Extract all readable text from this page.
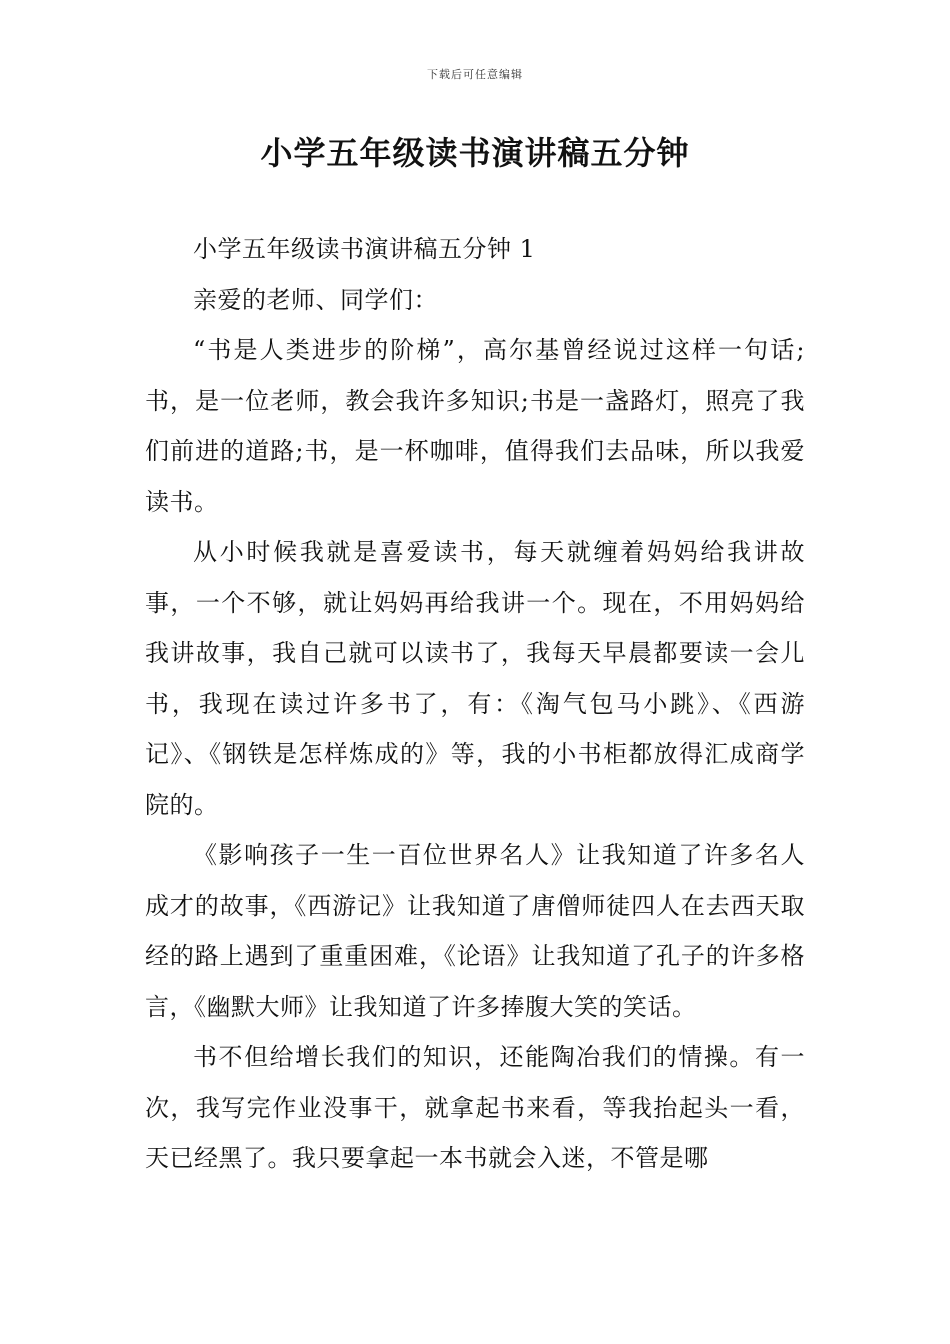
下载后可任意编辑
小学五年级读书演讲稿五分钟

小学五年级读书演讲稿五分钟 1

亲爱的老师、同学们：

“书是人类进步的阶梯”，高尔基曾经说过这样一句话;书，是一位老师，教会我许多知识;书是一盏路灯，照亮了我们前进的道路;书，是一杯咖啡，值得我们去品味，所以我爱读书。

从小时候我就是喜爱读书，每天就缠着妈妈给我讲故事，一个不够，就让妈妈再给我讲一个。现在，不用妈妈给我讲故事，我自己就可以读书了，我每天早晨都要读一会儿书，我现在读过许多书了，有：《淘气包马小跳》、《西游记》、《钢铁是怎样炼成的》等，我的小书柜都放得汇成商学院的。

《影响孩子一生一百位世界名人》让我知道了许多名人成才的故事，《西游记》让我知道了唐僧师徒四人在去西天取经的路上遇到了重重困难，《论语》让我知道了孔子的许多格言，《幽默大师》让我知道了许多捧腹大笑的笑话。

书不但给增长我们的知识，还能陶冶我们的情操。有一次，我写完作业没事干，就拿起书来看，等我抬起头一看，天已经黑了。我只要拿起一本书就会入迷，不管是哪
